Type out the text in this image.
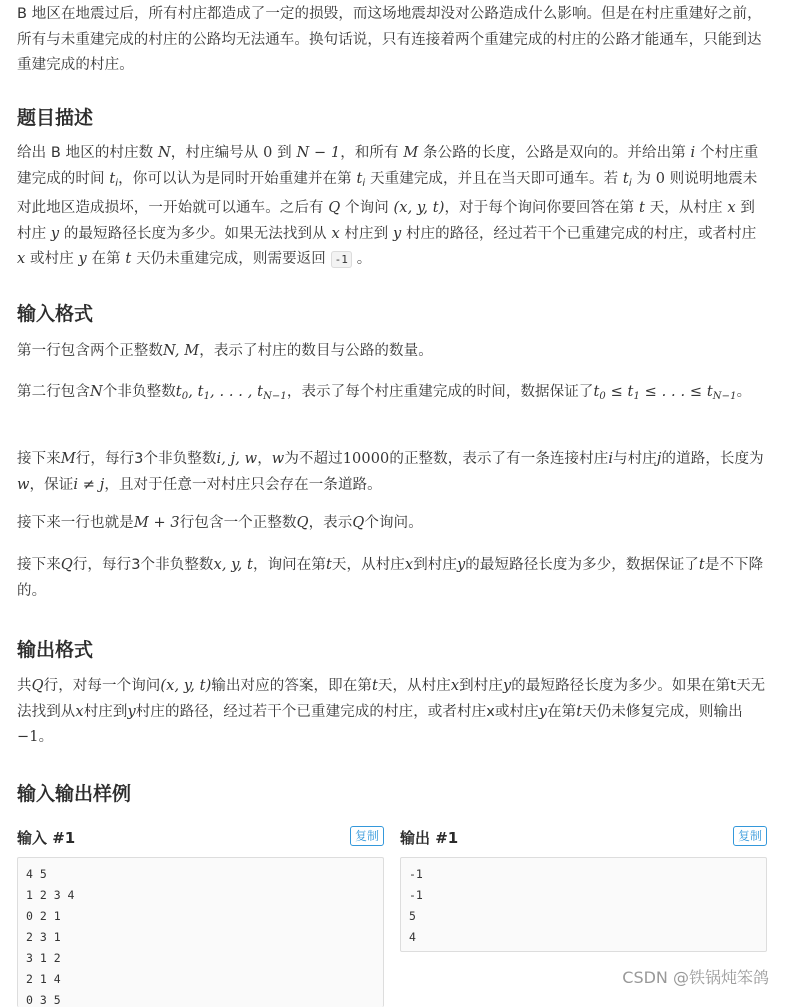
B 地区在地震过后，所有村庄都造成了一定的损毁，而这场地震却没对公路造成什么影响。但是在村庄重建好之前，所有与未重建完成的村庄的公路均无法通车。换句话说，只有连接着两个重建完成的村庄的公路才能通车，只能到达重建完成的村庄。

题目描述

给出 B 地区的村庄数 N，村庄编号从 0 到 N − 1，和所有 M 条公路的长度，公路是双向的。并给出第 i 个村庄重建完成的时间 $t_i$，你可以认为是同时开始重建并在第 $t_i$ 天重建完成，并且在当天即可通车。若 $t_i$ 为 0 则说明地震未对此地区造成损坏，一开始就可以通车。之后有 Q 个询问 (x, y, t)，对于每个询问你要回答在第 t 天，从村庄 x 到村庄 y 的最短路径长度为多少。如果无法找到从 x 村庄到 y 村庄的路径，经过若干个已重建完成的村庄，或者村庄 x 或村庄 y 在第 t 天仍未重建完成，则需要返回 -1 。

输入格式

第一行包含两个正整数N, M，表示了村庄的数目与公路的数量。

第二行包含N个非负整数$t_0$, $t_1$, . . . , $t_{N-1}$，表示了每个村庄重建完成的时间，数据保证了$t_0 \le t_1$ ≤ . . . ≤ $t_{N-1}$。

接下来M行，每行3个非负整数i, j, w，w为不超过10000的正整数，表示了有一条连接村庄i与村庄j的道路，长度为w，保证i ≠ j，且对于任意一对村庄只会存在一条道路。

接下来一行也就是M + 3行包含一个正整数Q，表示Q个询问。

接下来Q行，每行3个非负整数x, y, t，询问在第t天，从村庄x到村庄y的最短路径长度为多少，数据保证了t是不下降的。

输出格式

共Q行，对每一个询问(x, y, t)输出对应的答案，即在第t天，从村庄x到村庄y的最短路径长度为多少。如果在第t天无法找到从x村庄到y村庄的路径，经过若干个已重建完成的村庄，或者村庄x或村庄y在第t天仍未修复完成，则输出−1。

输入输出样例
输入 #1	复制
4 5
1 2 3 4
0 2 1
2 3 1
3 1 2
2 1 4
0 3 5
输出 #1	复制
-1
-1
5
4
CSDN @铁锅炖笨鸽
